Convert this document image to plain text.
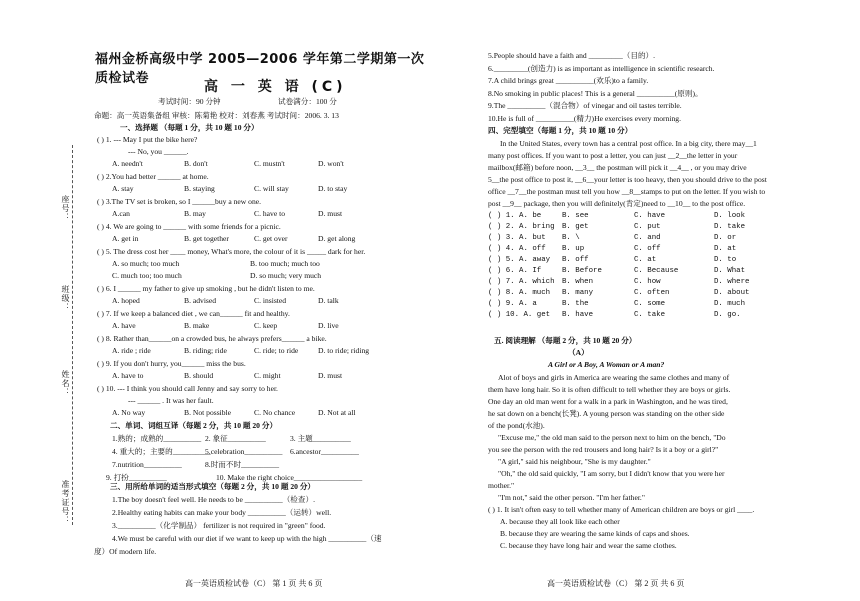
座号：
班级：
姓名：
准考证号：
福州金桥高级中学 2005—2006 学年第二学期第一次质检试卷
高 一 英 语 (C)
考试时间：90 分钟	试卷满分：100 分
命题：高一英语集备组 审核：陈菊艳 校对：刘春燕 考试时间：2006. 3. 13
一、选择题 （每题 1 分，共 10 题 10 分）
( ) 1. --- May I put the bike here?
--- No, you ______.
A. needn't	B. don't	C. mustn't	D. won't
( ) 2.You had better ______ at home.
A. stay	B. staying	C. will stay	D. to stay
( ) 3.The TV set is broken, so I ______buy a new one.
A.can	B. may	C. have to	D. must
( ) 4. We are going to ______ with some friends for a picnic.
A. get in	B. get together	C. get over	D. get along
( ) 5. The dress cost her ____ money, What's more, the colour of it is _____ dark for her.
A. so much; too much	B. too much; much too
C. much too; too much	D. so much; very much
( ) 6. I ______ my father to give up smoking , but he didn't listen to me.
A. hoped	B. advised	C. insisted	D. talk
( ) 7. If we keep a balanced diet , we can______ fit and healthy.
A. have	B. make	C. keep	D. live
( ) 8. Rather than______on a crowded bus, he always prefers______ a bike.
A. ride ; ride	B. riding; ride	C. ride; to ride	D. to ride; riding
( ) 9. If you don't hurry, you______ miss the bus.
A. have to	B. should	C. might	D. must
( ) 10. --- I think you should call Jenny and say sorry to her.
--- ______ . It was her fault.
A. No way	B. Not possible	C. No chance	D. Not at all
二、单词、词组互译（每题 2 分，共 10 题 20 分）
1.熟的；成熟的__________ 2. 象征__________	3. 主题__________
4. 重大的；主要的__________
5.celebration__________ 6.ancestor__________
7.nutrition__________	8.时而不时__________
9. 打扮__________	10. Make the right choice__________________
三、用所给单词的适当形式填空（每题 2 分，共 10 题 20 分）
1.The boy doesn't feel well. He needs to be __________（检查）.
2.Healthy eating habits can make your body __________（运转）well.
3.__________（化学制品） fertilizer is not required in "green" food.
4.We must be careful with our diet if we want to keep up with the high __________（速
度）Of modern life.
高一英语质检试卷（C） 第 1 页 共 6 页
5.People should have a faith and _________（目的）.
6._________(创造力) is as important as intelligence in scientific research.
7.A child brings great __________(欢乐)to a family.
8.No smoking in public places! This is a general __________(原则)。
9.The __________（混合物）of vinegar and oil tastes terrible.
10.He is full of __________(精力)He exercises every morning.
四、完型填空（每题 1 分，共 10 题 10 分）
In the United States, every town has a central post office. In a big city, there may__1
many post offices. If you want to post a letter, you can just __2__the letter in your
mailbox(邮箱) before noon, __3__ the postman will pick it __4__ , or you may drive
5__the post office to post it, __6__your letter is too heavy, then you should drive to the post
office __7__the postman must tell you how __8__stamps to put on the letter. If you wish to
post __9__ package, then you will definitely(肯定)need to __10__ to the post office.
( ) 1. A. be	B. see	C. have	D. look
( ) 2. A. bring B. get	C. put	D. take
( ) 3. A. but B. \	C. and	D. or
( ) 4. A. off B. up	C. off	D. at
( ) 5. A. away B. off	C. at	D. to
( ) 6. A. If	B. Before	C. Because	D. What
( ) 7. A. which B. when	C. how	D. where
( ) 8. A. much B. many	C. often	D. about
( ) 9. A. a	B. the	C. some	D. much
( ) 10. A. get B. have	C. take	D. go.
五. 阅读理解 （每题 2 分，共 10 题 20 分）
（A）
A Girl or A Boy, A Woman or A man?
Alot of boys and girls in America are wearing the same clothes and many of
them have long hair. So it is often difficult to tell whether they are boys or girls.
One day an old man went for a walk in a park in Washington, and he was tired,
he sat down on a bench(长凳). A young person was standing on the other side
of the pond(水池).
"Excuse me," the old man said to the person next to him on the bench, "Do
you see the person with the red trousers and long hair? Is it a boy or a girl?"
"A girl," said his neighbour, "She is my daughter."
"Oh," the old said quickly, "I am sorry, but I didn't know that you were her
mother."
"I'm not," said the other person. "I'm her father."
( ) 1. It isn't often easy to tell whether many of American children are boys or girl ____.
A. because they all look like each other
B. because they are wearing the same kinds of caps and shoes.
C. because they have long hair and wear the same clothes.
高一英语质检试卷（C） 第 2 页 共 6 页
